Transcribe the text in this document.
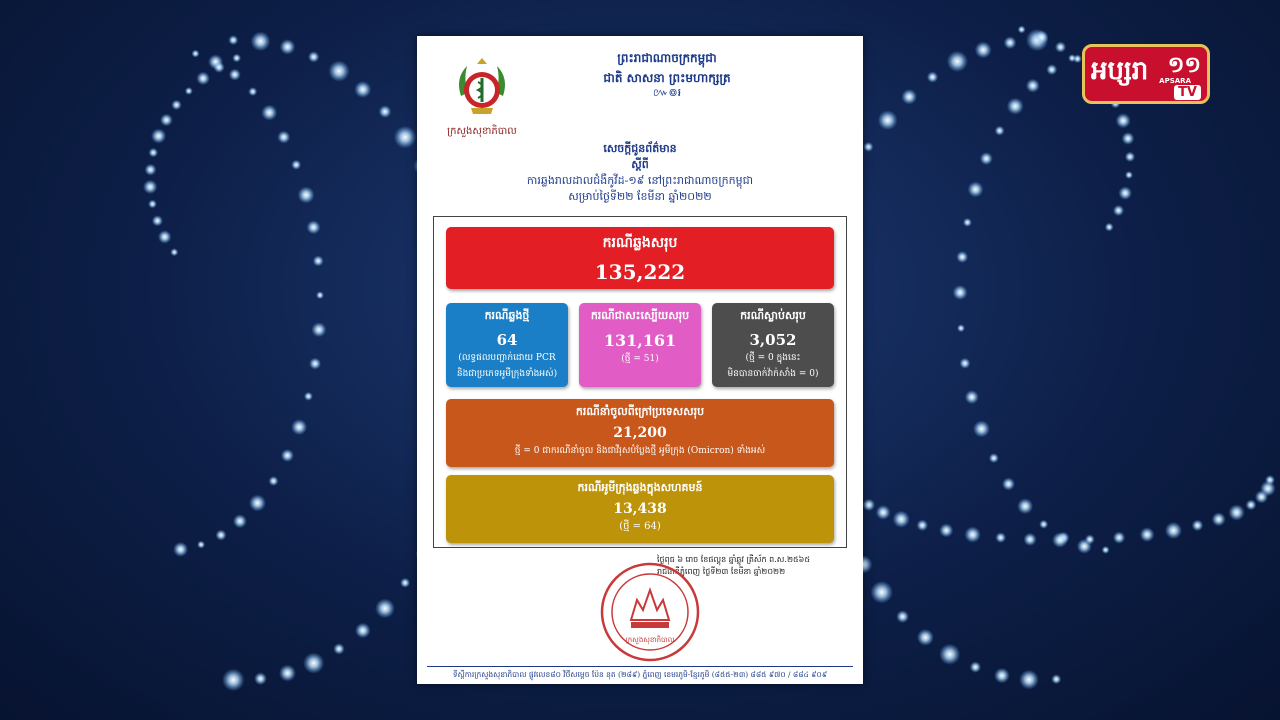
អប្សរា ១១
APSARA
TV
ក្រសួងសុខាភិបាល
ព្រះរាជាណាចក្រកម្ពុជា
ជាតិ សាសនា ព្រះមហាក្សត្រ
៚៙៛
សេចក្តីជូនព័ត៌មាន
ស្តីពី
ការឆ្លងរាលដាលជំងឺកូវីដ-១៩ នៅព្រះរាជាណាចក្រកម្ពុជា
សម្រាប់ថ្ងៃទី២២ ខែមីនា ឆ្នាំ២០២២
ករណីឆ្លងសរុប
135,222
ករណីឆ្លងថ្មី
64
(លទ្ធផលបញ្ជាក់ដោយ PCR
និងជាប្រភេទអូមីក្រុងទាំងអស់)
ករណីជាសះស្បើយសរុប
131,161
(ថ្មី = 51)
ករណីស្លាប់សរុប
3,052
(ថ្មី = 0 ក្នុងនេះ
មិនបានចាក់វ៉ាក់សាំង = 0)
ករណីនាំចូលពីក្រៅប្រទេសសរុប
21,200
ថ្មី = 0 ជាករណីនាំចូល និងជាវីរុសបំប្លែងថ្មី អូមីក្រុង (Omicron) ទាំងអស់
ករណីអូមីក្រុងឆ្លងក្នុងសហគមន៍
13,438
(ថ្មី = 64)
ថ្ងៃពុធ ៦ រោច ខែផល្គុន ឆ្នាំឆ្លូវ ត្រីស័ក ព.ស.២៥៦៥
រាជធានីភ្នំពេញ ថ្ងៃទី២៣ ខែមីនា ឆ្នាំ២០២២
ក្រសួងសុខាភិបាល
ទីស្តីការក្រសួងសុខាភិបាល ផ្លូវលេខ៨០ វិថីសម្តេច ប៉ែន នុត (២៨៩) ភ្នំពេញ ខេមរភូមិ-ខ្មែរភូមិ (៨៥៥-២៣) ៨៨៥ ៩៧០ / ៨៨៤ ៩០៩
